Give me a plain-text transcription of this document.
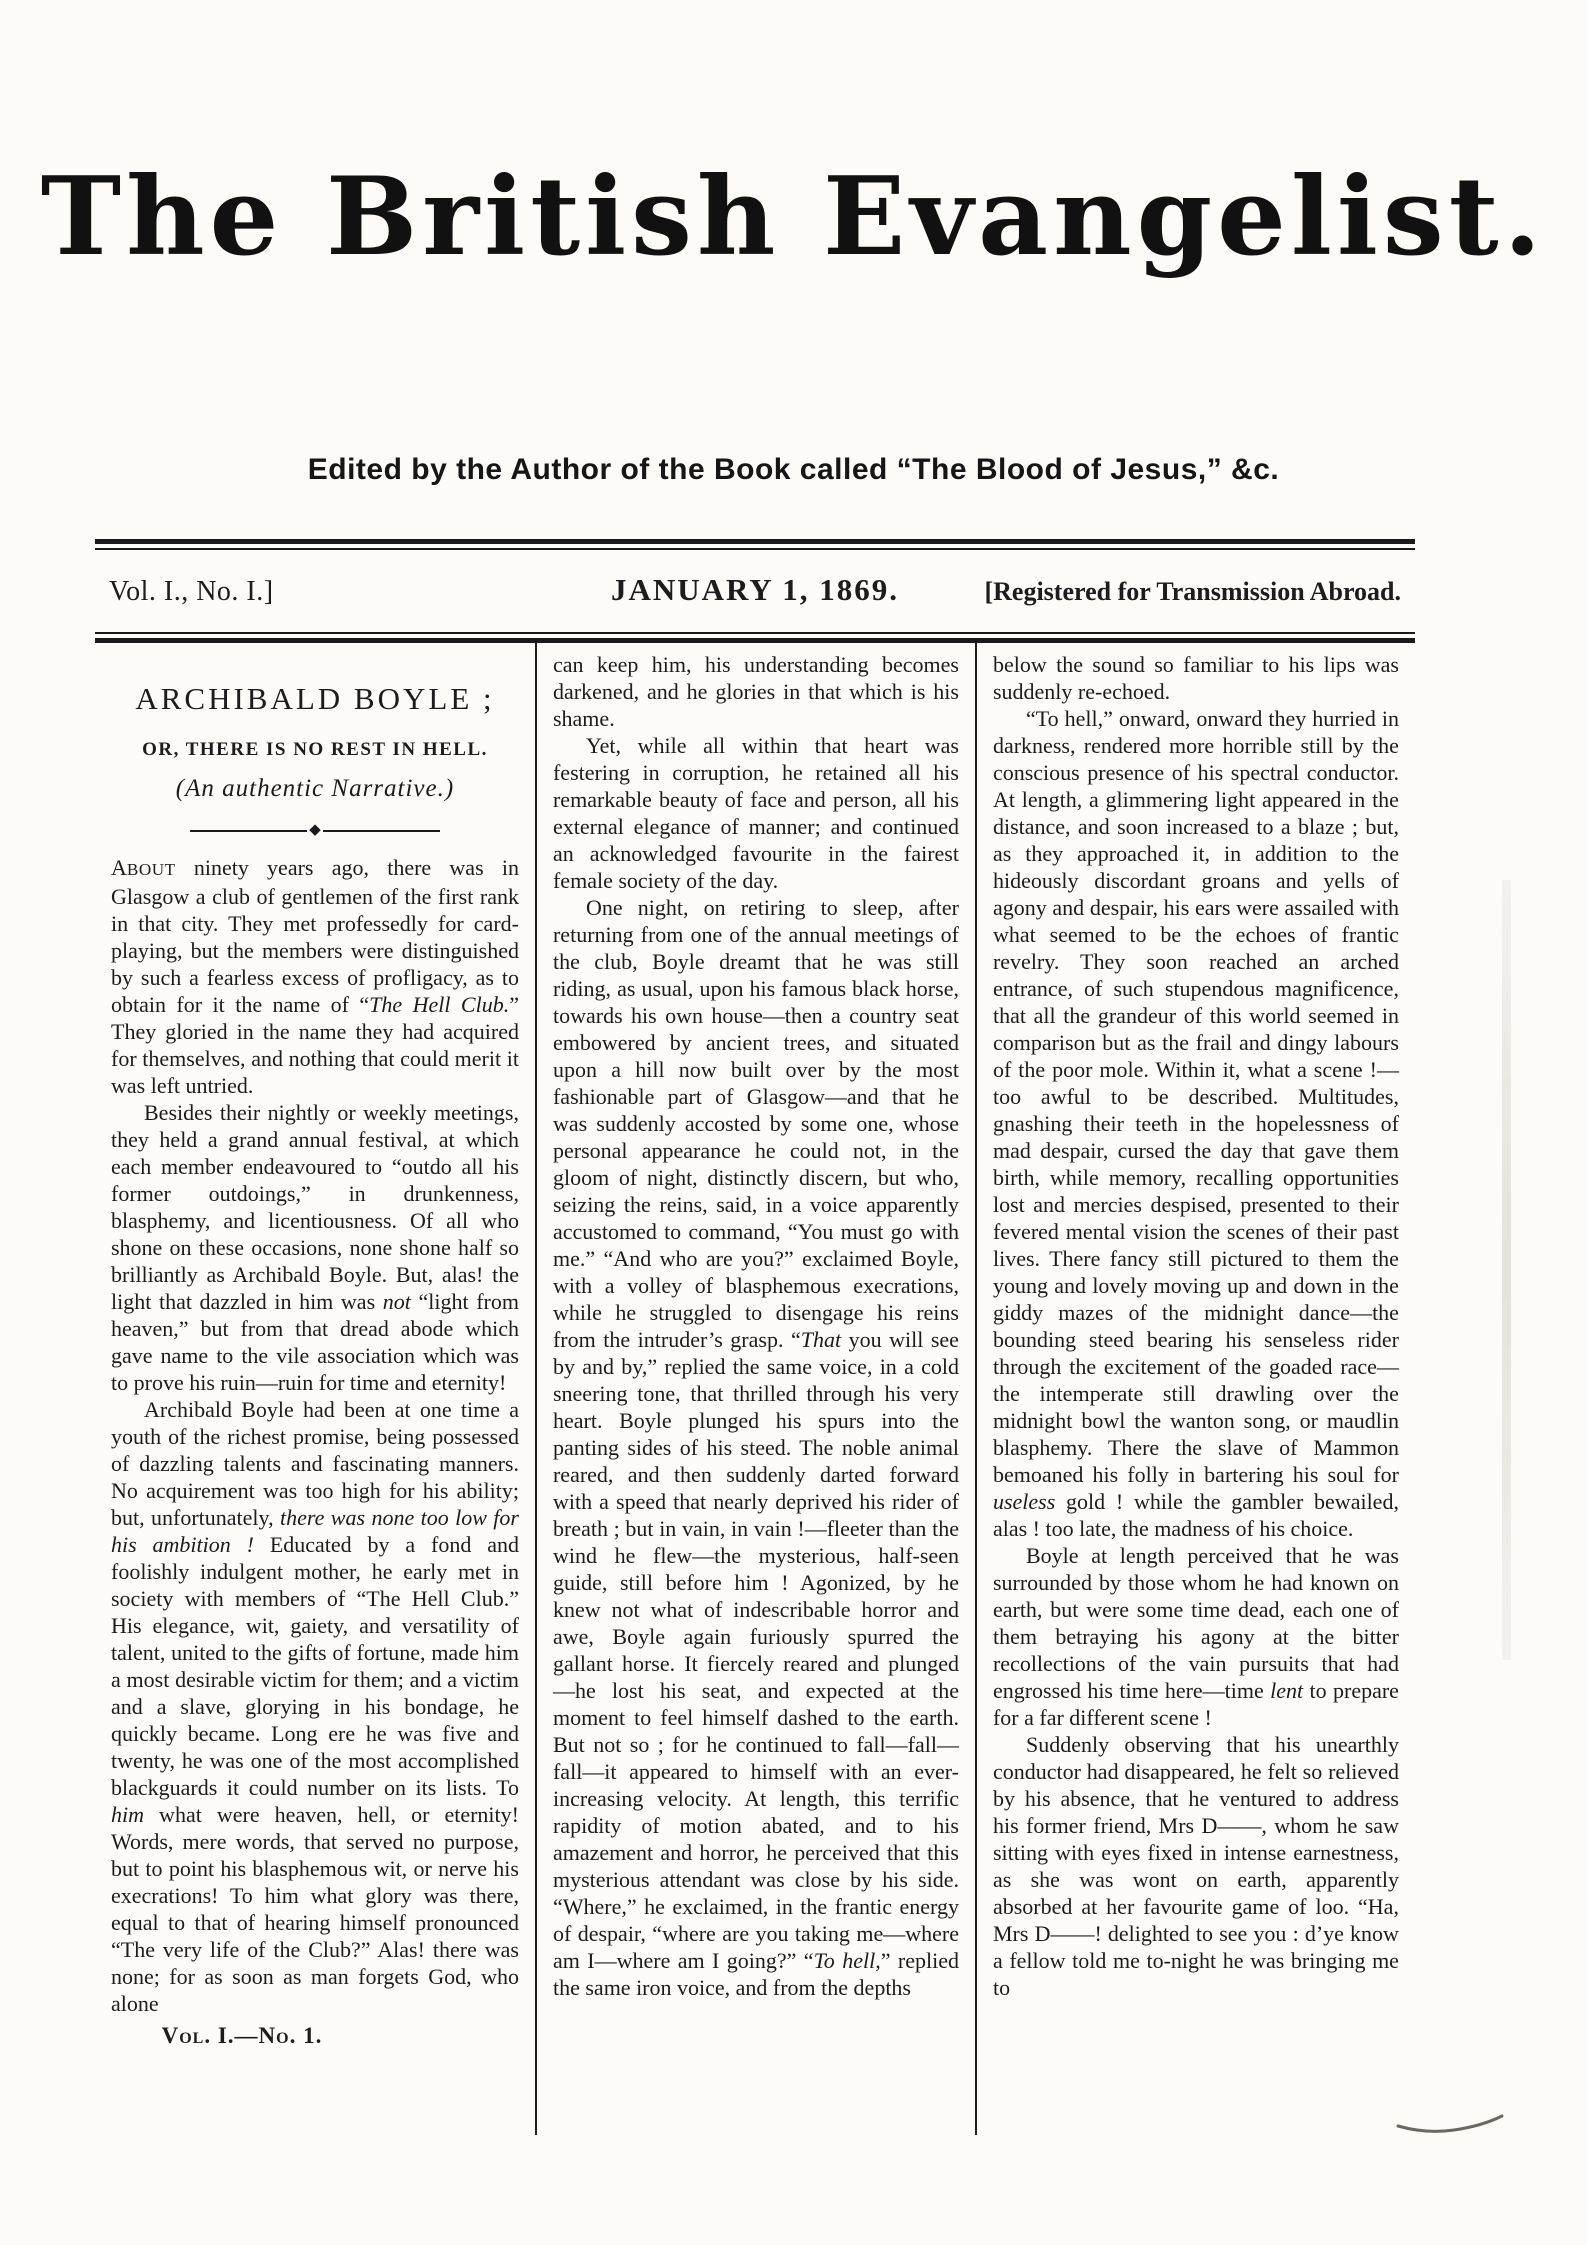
The British Evangelist.

Edited by the Author of the Book called “The Blood of Jesus,” &c.

Vol. I., No. I.]	JANUARY 1, 1869.	[Registered for Transmission Abroad.
ARCHIBALD BOYLE ;
OR, THERE IS NO REST IN HELL.

(An authentic Narrative.)

◆

ABOUT ninety years ago, there was in Glasgow a club of gentlemen of the first rank in that city. They met professedly for card-playing, but the members were distinguished by such a fearless excess of profligacy, as to obtain for it the name of “The Hell Club.” They gloried in the name they had acquired for themselves, and nothing that could merit it was left untried.

Besides their nightly or weekly meetings, they held a grand annual festival, at which each member endeavoured to “outdo all his former outdoings,” in drunkenness, blasphemy, and licentiousness. Of all who shone on these occasions, none shone half so brilliantly as Archibald Boyle. But, alas! the light that dazzled in him was not “light from heaven,” but from that dread abode which gave name to the vile association which was to prove his ruin—ruin for time and eternity!

Archibald Boyle had been at one time a youth of the richest promise, being possessed of dazzling talents and fascinating manners. No acquirement was too high for his ability; but, unfortunately, there was none too low for his ambition ! Educated by a fond and foolishly indulgent mother, he early met in society with members of “The Hell Club.” His elegance, wit, gaiety, and versatility of talent, united to the gifts of fortune, made him a most desirable victim for them; and a victim and a slave, glorying in his bondage, he quickly became. Long ere he was five and twenty, he was one of the most accomplished blackguards it could number on its lists. To him what were heaven, hell, or eternity! Words, mere words, that served no purpose, but to point his blasphemous wit, or nerve his execrations! To him what glory was there, equal to that of hearing himself pronounced “The very life of the Club?” Alas! there was none; for as soon as man forgets God, who alone

Vol. I.—No. 1.

can keep him, his understanding becomes darkened, and he glories in that which is his shame.

Yet, while all within that heart was festering in corruption, he retained all his remarkable beauty of face and person, all his external elegance of manner; and continued an acknowledged favourite in the fairest female society of the day.

One night, on retiring to sleep, after returning from one of the annual meetings of the club, Boyle dreamt that he was still riding, as usual, upon his famous black horse, towards his own house—then a country seat embowered by ancient trees, and situated upon a hill now built over by the most fashionable part of Glasgow—and that he was suddenly accosted by some one, whose personal appearance he could not, in the gloom of night, distinctly discern, but who, seizing the reins, said, in a voice apparently accustomed to command, “You must go with me.” “And who are you?” exclaimed Boyle, with a volley of blasphemous execrations, while he struggled to disengage his reins from the intruder’s grasp. “That you will see by and by,” replied the same voice, in a cold sneering tone, that thrilled through his very heart. Boyle plunged his spurs into the panting sides of his steed. The noble animal reared, and then suddenly darted forward with a speed that nearly deprived his rider of breath ; but in vain, in vain !—fleeter than the wind he flew—the mysterious, half-seen guide, still before him ! Agonized, by he knew not what of indescribable horror and awe, Boyle again furiously spurred the gallant horse. It fiercely reared and plunged—he lost his seat, and expected at the moment to feel himself dashed to the earth. But not so ; for he continued to fall—fall—fall—it appeared to himself with an ever-increasing velocity. At length, this terrific rapidity of motion abated, and to his amazement and horror, he perceived that this mysterious attendant was close by his side. “Where,” he exclaimed, in the frantic energy of despair, “where are you taking me—where am I—where am I going?” “To hell,” replied the same iron voice, and from the depths

below the sound so familiar to his lips was suddenly re-echoed.

“To hell,” onward, onward they hurried in darkness, rendered more horrible still by the conscious presence of his spectral conductor. At length, a glimmering light appeared in the distance, and soon increased to a blaze ; but, as they approached it, in addition to the hideously discordant groans and yells of agony and despair, his ears were assailed with what seemed to be the echoes of frantic revelry. They soon reached an arched entrance, of such stupendous magnificence, that all the grandeur of this world seemed in comparison but as the frail and dingy labours of the poor mole. Within it, what a scene !—too awful to be described. Multitudes, gnashing their teeth in the hopelessness of mad despair, cursed the day that gave them birth, while memory, recalling opportunities lost and mercies despised, presented to their fevered mental vision the scenes of their past lives. There fancy still pictured to them the young and lovely moving up and down in the giddy mazes of the midnight dance—the bounding steed bearing his senseless rider through the excitement of the goaded race—the intemperate still drawling over the midnight bowl the wanton song, or maudlin blasphemy. There the slave of Mammon bemoaned his folly in bartering his soul for useless gold ! while the gambler bewailed, alas ! too late, the madness of his choice.

Boyle at length perceived that he was surrounded by those whom he had known on earth, but were some time dead, each one of them betraying his agony at the bitter recollections of the vain pursuits that had engrossed his time here—time lent to prepare for a far different scene !

Suddenly observing that his unearthly conductor had disappeared, he felt so relieved by his absence, that he ventured to address his former friend, Mrs D——, whom he saw sitting with eyes fixed in intense earnestness, as she was wont on earth, apparently absorbed at her favourite game of loo. “Ha, Mrs D——! delighted to see you : d’ye know a fellow told me to-night he was bringing me to
